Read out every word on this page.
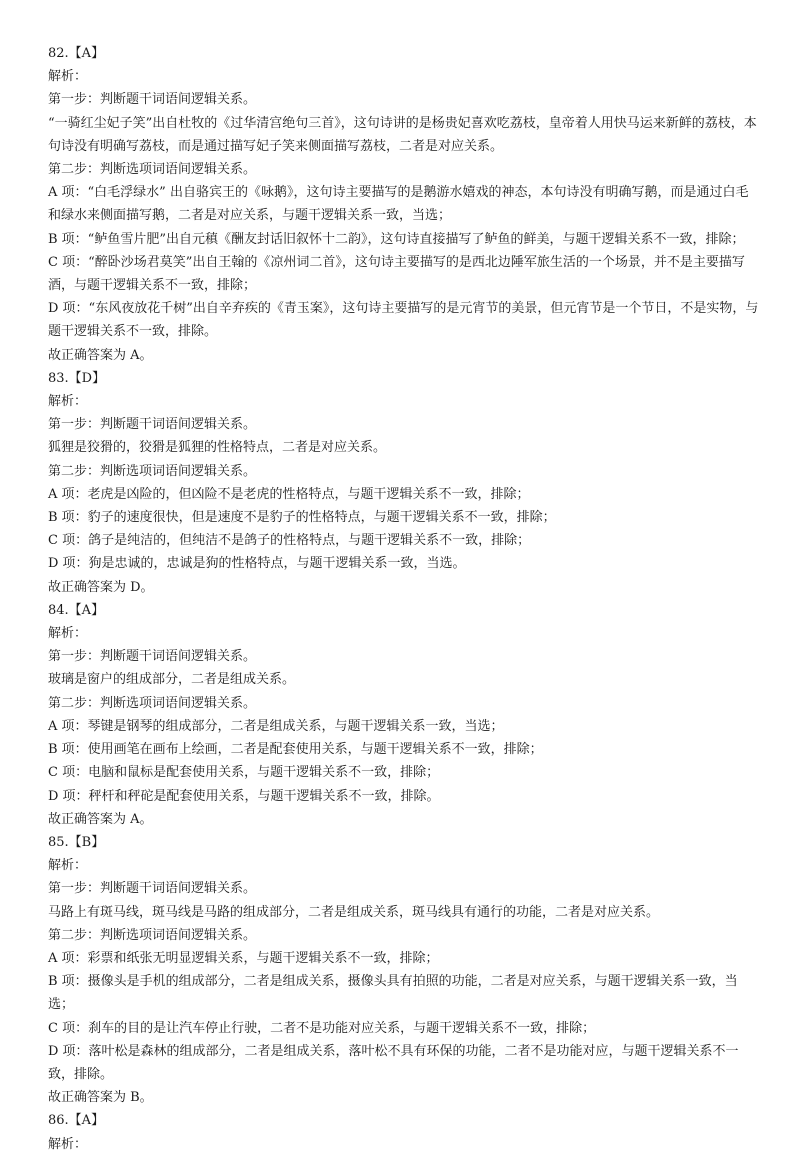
82.【A】
解析：
第一步：判断题干词语间逻辑关系。
“一骑红尘妃子笑”出自杜牧的《过华清宫绝句三首》，这句诗讲的是杨贵妃喜欢吃荔枝，皇帝着人用快马运来新鲜的荔枝，本句诗没有明确写荔枝，而是通过描写妃子笑来侧面描写荔枝，二者是对应关系。
第二步：判断选项词语间逻辑关系。
A 项：“白毛浮绿水” 出自骆宾王的《咏鹅》，这句诗主要描写的是鹅游水嬉戏的神态，本句诗没有明确写鹅，而是通过白毛和绿水来侧面描写鹅，二者是对应关系，与题干逻辑关系一致，当选；
B 项：“鲈鱼雪片肥”出自元稹《酬友封话旧叙怀十二韵》，这句诗直接描写了鲈鱼的鲜美，与题干逻辑关系不一致，排除；
C 项：“醉卧沙场君莫笑”出自王翰的《凉州词二首》，这句诗主要描写的是西北边陲军旅生活的一个场景，并不是主要描写酒，与题干逻辑关系不一致，排除；
D 项：“东风夜放花千树”出自辛弃疾的《青玉案》，这句诗主要描写的是元宵节的美景，但元宵节是一个节日，不是实物，与题干逻辑关系不一致，排除。
故正确答案为 A。
83.【D】
解析：
第一步：判断题干词语间逻辑关系。
狐狸是狡猾的，狡猾是狐狸的性格特点，二者是对应关系。
第二步：判断选项词语间逻辑关系。
A 项：老虎是凶险的，但凶险不是老虎的性格特点，与题干逻辑关系不一致，排除；
B 项：豹子的速度很快，但是速度不是豹子的性格特点，与题干逻辑关系不一致，排除；
C 项：鸽子是纯洁的，但纯洁不是鸽子的性格特点，与题干逻辑关系不一致，排除；
D 项：狗是忠诚的，忠诚是狗的性格特点，与题干逻辑关系一致，当选。
故正确答案为 D。
84.【A】
解析：
第一步：判断题干词语间逻辑关系。
玻璃是窗户的组成部分，二者是组成关系。
第二步：判断选项词语间逻辑关系。
A 项：琴键是钢琴的组成部分，二者是组成关系，与题干逻辑关系一致，当选；
B 项：使用画笔在画布上绘画，二者是配套使用关系，与题干逻辑关系不一致，排除；
C 项：电脑和鼠标是配套使用关系，与题干逻辑关系不一致，排除；
D 项：秤杆和秤砣是配套使用关系，与题干逻辑关系不一致，排除。
故正确答案为 A。
85.【B】
解析：
第一步：判断题干词语间逻辑关系。
马路上有斑马线，斑马线是马路的组成部分，二者是组成关系，斑马线具有通行的功能，二者是对应关系。
第二步：判断选项词语间逻辑关系。
A 项：彩票和纸张无明显逻辑关系，与题干逻辑关系不一致，排除；
B 项：摄像头是手机的组成部分，二者是组成关系，摄像头具有拍照的功能，二者是对应关系，与题干逻辑关系一致，当选；
C 项：刹车的目的是让汽车停止行驶，二者不是功能对应关系，与题干逻辑关系不一致，排除；
D 项：落叶松是森林的组成部分，二者是组成关系，落叶松不具有环保的功能，二者不是功能对应，与题干逻辑关系不一致，排除。
故正确答案为 B。
86.【A】
解析：
